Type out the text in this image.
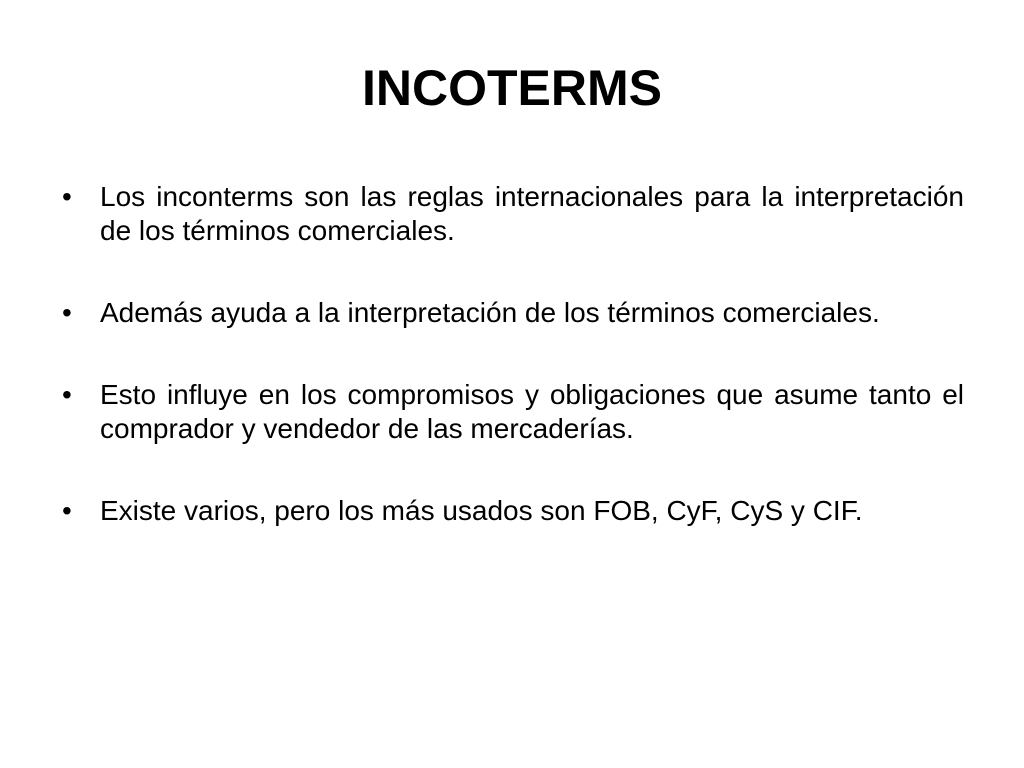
INCOTERMS
• Los inconterms son las reglas internacionales para la interpretación de los términos comerciales.
• Además ayuda a la interpretación de los términos comerciales.
• Esto influye en los compromisos y obligaciones que asume tanto el comprador y vendedor de las mercaderías.
• Existe varios, pero los más usados son FOB, CyF, CyS y CIF.
